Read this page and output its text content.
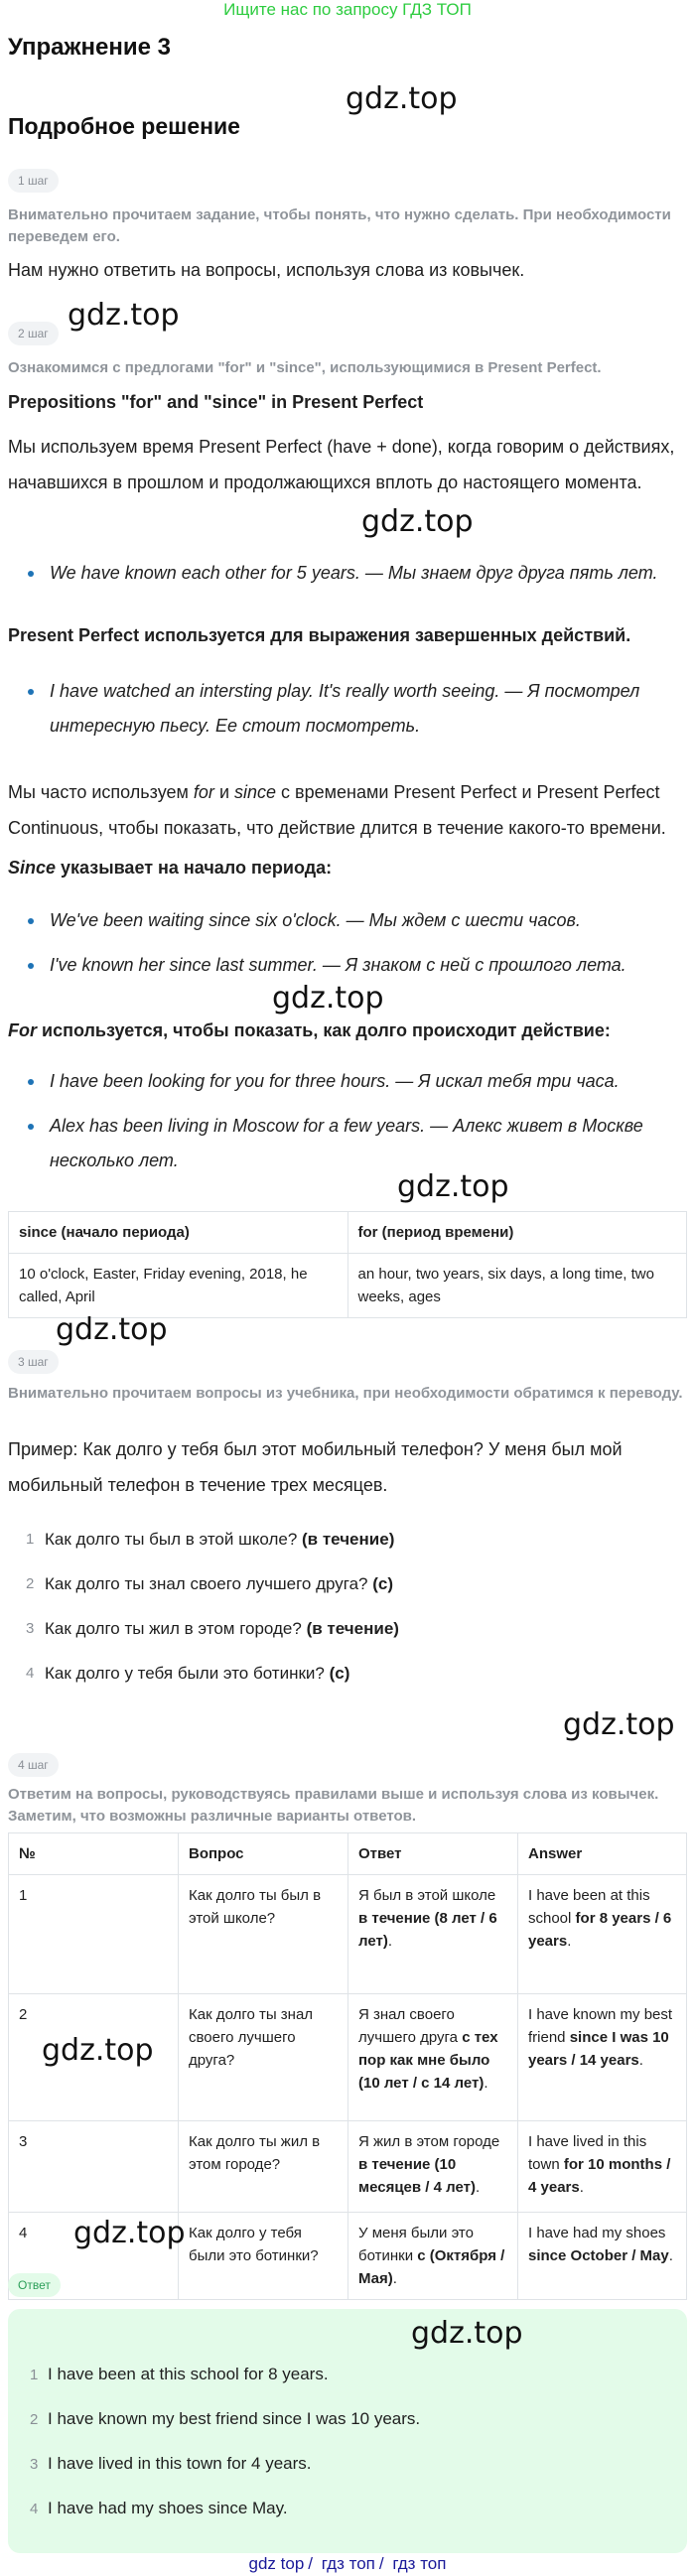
Ищите нас по запросу ГДЗ ТОП
Упражнение 3
Подробное решение
gdz.top
gdz.top
gdz.top
gdz.top
gdz.top
gdz.top
gdz.top
gdz.top
gdz.top
gdz.top
1 шаг
Внимательно прочитаем задание, чтобы понять, что нужно сделать. При необходимости переведем его.
Нам нужно ответить на вопросы, используя слова из ковычек.
2 шаг
Ознакомимся с предлогами "for" и "since", использующимися в Present Perfect.
Prepositions "for" and "since" in Present Perfect
Мы используем время Present Perfect (have + done), когда говорим о действиях, начавшихся в прошлом и продолжающихся вплоть до настоящего момента.
We have known each other for 5 years. — Мы знаем друг друга пять лет.
Present Perfect используется для выражения завершенных действий.
I have watched an intersting play. It's really worth seeing. — Я посмотрел интересную пьесу. Ее стоит посмотреть.
Мы часто используем for и since с временами Present Perfect и Present Perfect Continuous, чтобы показать, что действие длится в течение какого-то времени.
Since указывает на начало периода:
We've been waiting since six o'clock. — Мы ждем с шести часов.
I've known her since last summer. — Я знаком с ней с прошлого лета.
For используется, чтобы показать, как долго происходит действие:
I have been looking for you for three hours. — Я искал тебя три часа.
Alex has been living in Moscow for a few years. — Алекс живет в Москве несколько лет.
since (начало периода)	for (период времени)
10 o'clock, Easter, Friday evening, 2018, he called, April	an hour, two years, six days, a long time, two weeks, ages
3 шаг
Внимательно прочитаем вопросы из учебника, при необходимости обратимся к переводу.
Пример: Как долго у тебя был этот мобильный телефон? У меня был мой мобильный телефон в течение трех месяцев.
1 Как долго ты был в этой школе? (в течение)
2 Как долго ты знал своего лучшего друга? (с)
3 Как долго ты жил в этом городе? (в течение)
4 Как долго у тебя были это ботинки? (с)
4 шаг
Ответим на вопросы, руководствуясь правилами выше и используя слова из ковычек. Заметим, что возможны различные варианты ответов.
№	Вопрос	Ответ	Answer
1	Как долго ты был в этой школе?	Я был в этой школе в течение (8 лет / 6 лет).	I have been at this school for 8 years / 6 years.
2	Как долго ты знал своего лучшего друга?	Я знал своего лучшего друга с тех пор как мне было (10 лет / с 14 лет).	I have known my best friend since I was 10 years / 14 years.
3	Как долго ты жил в этом городе?	Я жил в этом городе в течение (10 месяцев / 4 лет).	I have lived in this town for 10 months / 4 years.
4	Как долго у тебя были это ботинки?	У меня были это ботинки с (Октября / Мая).	I have had my shoes since October / May.
Ответ
1 I have been at this school for 8 years.
2 I have known my best friend since I was 10 years.
3 I have lived in this town for 4 years.
4 I have had my shoes since May.
gdz top / гдз топ / гдз топ
